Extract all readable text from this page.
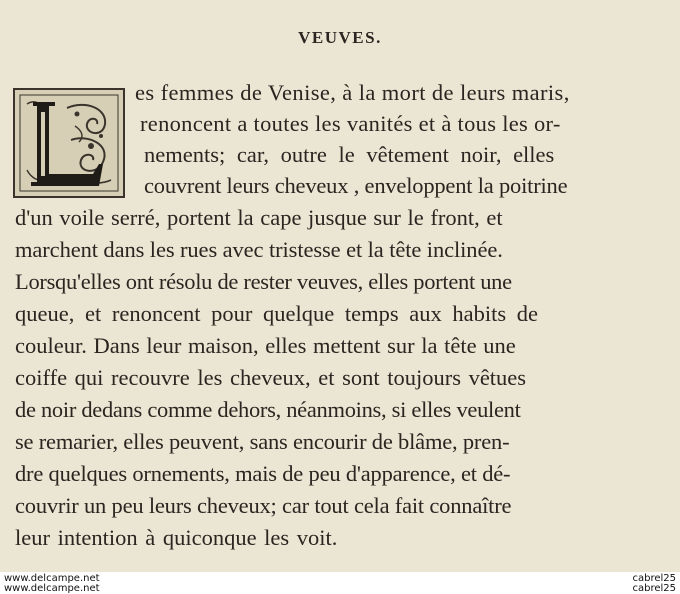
VEUVES.
es femmes de Venise, à la mort de leurs maris,
renoncent a toutes les vanités et à tous les or-
nements; car, outre le vêtement noir, elles
couvrent leurs cheveux , enveloppent la poitrine
d'un voile serré, portent la cape jusque sur le front, et
marchent dans les rues avec tristesse et la tête inclinée.
Lorsqu'elles ont résolu de rester veuves, elles portent une
queue, et renoncent pour quelque temps aux habits de
couleur. Dans leur maison, elles mettent sur la tête une
coiffe qui recouvre les cheveux, et sont toujours vêtues
de noir dedans comme dehors, néanmoins, si elles veulent
se remarier, elles peuvent, sans encourir de blâme, pren-
dre quelques ornements, mais de peu d'apparence, et dé-
couvrir un peu leurs cheveux; car tout cela fait connaître
leur intention à quiconque les voit.
www.delcampe.net
www.delcampe.net
cabrel25
cabrel25
